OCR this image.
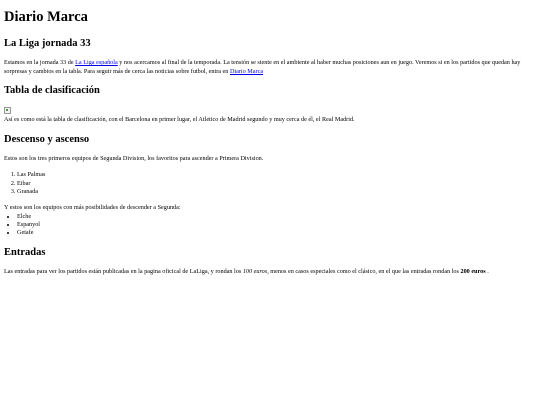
Diario Marca
La Liga jornada 33

Estamos en la jornada 33 de La Liga española y nos acercamos al final de la temporada. La tensión se siente en el ambiente al haber muchas posiciones aun en juego. Veremos si en los partidos que quedan hay sorpresas y cambios en la tabla. Para seguir más de cerca las noticias sobre futbol, entra en Diario Marca

Tabla de clasificación

Así es como está la tabla de clasificación, con el Barcelona en primer lugar, el Atletico de Madrid segundo y muy cerca de él, el Real Madrid.

Descenso y ascenso

Estos son los tres primeros equipos de Segunda Division, los favoritos para ascender a Primera Division.

1. Las Palmas
2. Eibar
3. Granada

Y estos son los equipos con más posibilidades de descender a Segunda:

• Elche
• Espanyol
• Getafe
Entradas

Las entradas para ver los partidos están publicadas en la pagina oficical de LaLiga, y rondan los 100 euros, menos en casos especiales como el clásico, en el que las entradas rondan los 200 euros .
